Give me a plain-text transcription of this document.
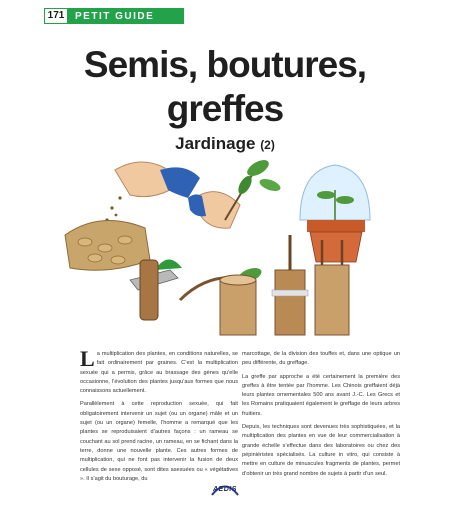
171 PETIT GUIDE
Semis, boutures,
greffes
Jardinage (2)

La multiplication des plantes, en conditions naturelles, se fait ordinairement par graines. C’est la multiplication sexuée qui a permis, grâce au brassage des gènes qu’elle occasionne, l’évolution des plantes jusqu’aux formes que nous connaissons actuellement.

Parallèlement à cette reproduction sexuée, qui fait obligatoirement intervenir un sujet (ou un organe) mâle et un sujet (ou un organe) femelle, l’homme a remarqué que les plantes se reproduisaient d’autres façons : un rameau se couchant au sol prend racine, un rameau, en se fichant dans la terre, donne une nouvelle plante. Ces autres formes de multiplication, qui ne font pas intervenir la fusion de deux cellules de sexe opposé, sont dites asexuées ou « végétatives ». Il s’agit du bouturage, du

marcottage, de la division des touffes et, dans une optique un peu différente, du greffage.

La greffe par approche a été certainement la première des greffes à être tentée par l’homme. Les Chinois greffaient déjà leurs plantes ornementales 500 ans avant J.-C. Les Grecs et les Romains pratiquaient également le greffage de leurs arbres fruitiers.

Depuis, les techniques sont devenues très sophistiquées, et la multiplication des plantes en vue de leur commercialisation à grande échelle s’effectue dans des laboratoires ou chez des pépiniéristes spécialisés. La culture in vitro, qui consiste à mettre en culture de minuscules fragments de plantes, permet d’obtenir un très grand nombre de sujets à partir d’un seul.

AEDIS
